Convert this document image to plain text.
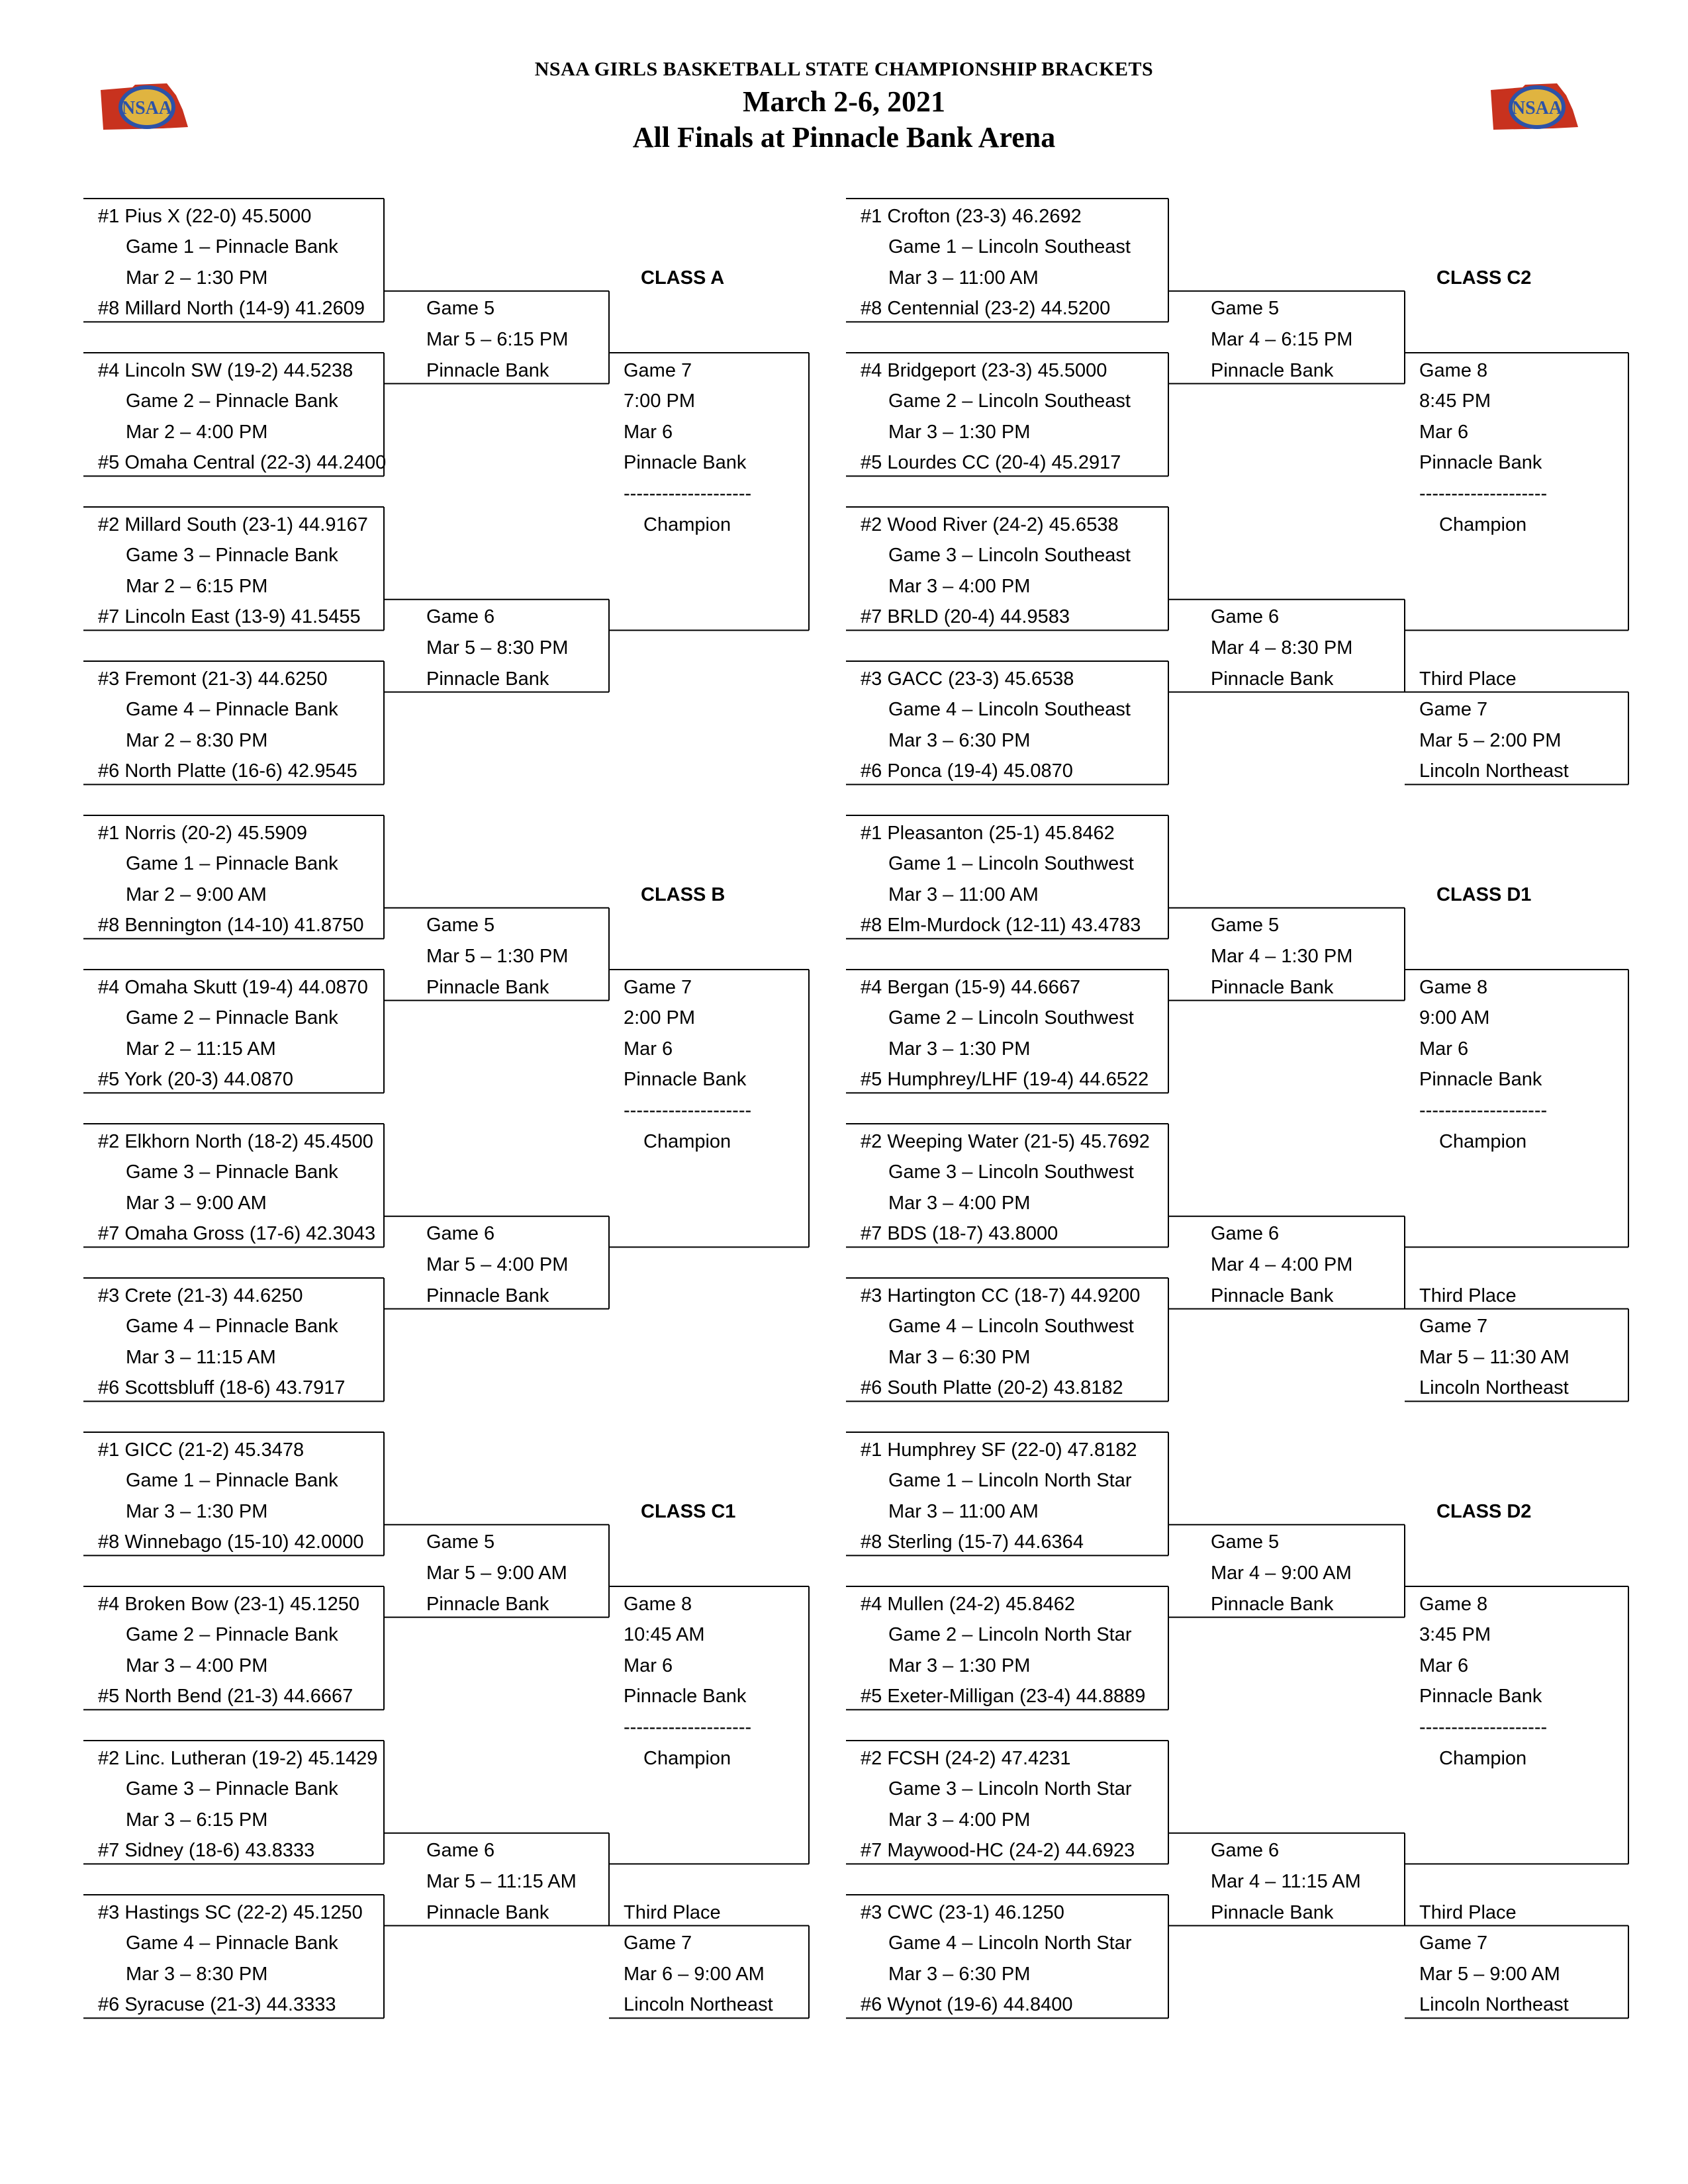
NSAA	NSAA
NSAA GIRLS BASKETBALL STATE CHAMPIONSHIP BRACKETS
March 2-6, 2021
All Finals at Pinnacle Bank Arena
CLASS A
#1 Pius X (22-0) 45.5000
Game 1 – Pinnacle Bank
Mar 2 – 1:30 PM
#8 Millard North (14-9) 41.2609
#4 Lincoln SW (19-2) 44.5238
Game 2 – Pinnacle Bank
Mar 2 – 4:00 PM
#5 Omaha Central (22-3) 44.2400
#2 Millard South (23-1) 44.9167
Game 3 – Pinnacle Bank
Mar 2 – 6:15 PM
#7 Lincoln East (13-9) 41.5455
#3 Fremont (21-3) 44.6250
Game 4 – Pinnacle Bank
Mar 2 – 8:30 PM
#6 North Platte (16-6) 42.9545
Game 5
Mar 5 – 6:15 PM
Pinnacle Bank
Game 6
Mar 5 – 8:30 PM
Pinnacle Bank
Game 7
7:00 PM
Mar 6
Pinnacle Bank
--------------------
Champion
CLASS B
#1 Norris (20-2) 45.5909
Game 1 – Pinnacle Bank
Mar 2 – 9:00 AM
#8 Bennington (14-10) 41.8750
#4 Omaha Skutt (19-4) 44.0870
Game 2 – Pinnacle Bank
Mar 2 – 11:15 AM
#5 York (20-3) 44.0870
#2 Elkhorn North (18-2) 45.4500
Game 3 – Pinnacle Bank
Mar 3 – 9:00 AM
#7 Omaha Gross (17-6) 42.3043
#3 Crete (21-3) 44.6250
Game 4 – Pinnacle Bank
Mar 3 – 11:15 AM
#6 Scottsbluff (18-6) 43.7917
Game 5
Mar 5 – 1:30 PM
Pinnacle Bank
Game 6
Mar 5 – 4:00 PM
Pinnacle Bank
Game 7
2:00 PM
Mar 6
Pinnacle Bank
--------------------
Champion
CLASS C1
#1 GICC (21-2) 45.3478
Game 1 – Pinnacle Bank
Mar 3 – 1:30 PM
#8 Winnebago (15-10) 42.0000
#4 Broken Bow (23-1) 45.1250
Game 2 – Pinnacle Bank
Mar 3 – 4:00 PM
#5 North Bend (21-3) 44.6667
#2 Linc. Lutheran (19-2) 45.1429
Game 3 – Pinnacle Bank
Mar 3 – 6:15 PM
#7 Sidney (18-6) 43.8333
#3 Hastings SC (22-2) 45.1250
Game 4 – Pinnacle Bank
Mar 3 – 8:30 PM
#6 Syracuse (21-3) 44.3333
Game 5
Mar 5 – 9:00 AM
Pinnacle Bank
Game 6
Mar 5 – 11:15 AM
Pinnacle Bank
Game 8
10:45 AM
Mar 6
Pinnacle Bank
--------------------
Champion
Third Place
Game 7
Mar 6 – 9:00 AM
Lincoln Northeast
CLASS C2
#1 Crofton (23-3) 46.2692
Game 1 – Lincoln Southeast
Mar 3 – 11:00 AM
#8 Centennial (23-2) 44.5200
#4 Bridgeport (23-3) 45.5000
Game 2 – Lincoln Southeast
Mar 3 – 1:30 PM
#5 Lourdes CC (20-4) 45.2917
#2 Wood River (24-2) 45.6538
Game 3 – Lincoln Southeast
Mar 3 – 4:00 PM
#7 BRLD (20-4) 44.9583
#3 GACC (23-3) 45.6538
Game 4 – Lincoln Southeast
Mar 3 – 6:30 PM
#6 Ponca (19-4) 45.0870
Game 5
Mar 4 – 6:15 PM
Pinnacle Bank
Game 6
Mar 4 – 8:30 PM
Pinnacle Bank
Game 8
8:45 PM
Mar 6
Pinnacle Bank
--------------------
Champion
Third Place
Game 7
Mar 5 – 2:00 PM
Lincoln Northeast
CLASS D1
#1 Pleasanton (25-1) 45.8462
Game 1 – Lincoln Southwest
Mar 3 – 11:00 AM
#8 Elm-Murdock (12-11) 43.4783
#4 Bergan (15-9) 44.6667
Game 2 – Lincoln Southwest
Mar 3 – 1:30 PM
#5 Humphrey/LHF (19-4) 44.6522
#2 Weeping Water (21-5) 45.7692
Game 3 – Lincoln Southwest
Mar 3 – 4:00 PM
#7 BDS (18-7) 43.8000
#3 Hartington CC (18-7) 44.9200
Game 4 – Lincoln Southwest
Mar 3 – 6:30 PM
#6 South Platte (20-2) 43.8182
Game 5
Mar 4 – 1:30 PM
Pinnacle Bank
Game 6
Mar 4 – 4:00 PM
Pinnacle Bank
Game 8
9:00 AM
Mar 6
Pinnacle Bank
--------------------
Champion
Third Place
Game 7
Mar 5 – 11:30 AM
Lincoln Northeast
CLASS D2
#1 Humphrey SF (22-0) 47.8182
Game 1 – Lincoln North Star
Mar 3 – 11:00 AM
#8 Sterling (15-7) 44.6364
#4 Mullen (24-2) 45.8462
Game 2 – Lincoln North Star
Mar 3 – 1:30 PM
#5 Exeter-Milligan (23-4) 44.8889
#2 FCSH (24-2) 47.4231
Game 3 – Lincoln North Star
Mar 3 – 4:00 PM
#7 Maywood-HC (24-2) 44.6923
#3 CWC (23-1) 46.1250
Game 4 – Lincoln North Star
Mar 3 – 6:30 PM
#6 Wynot (19-6) 44.8400
Game 5
Mar 4 – 9:00 AM
Pinnacle Bank
Game 6
Mar 4 – 11:15 AM
Pinnacle Bank
Game 8
3:45 PM
Mar 6
Pinnacle Bank
--------------------
Champion
Third Place
Game 7
Mar 5 – 9:00 AM
Lincoln Northeast
